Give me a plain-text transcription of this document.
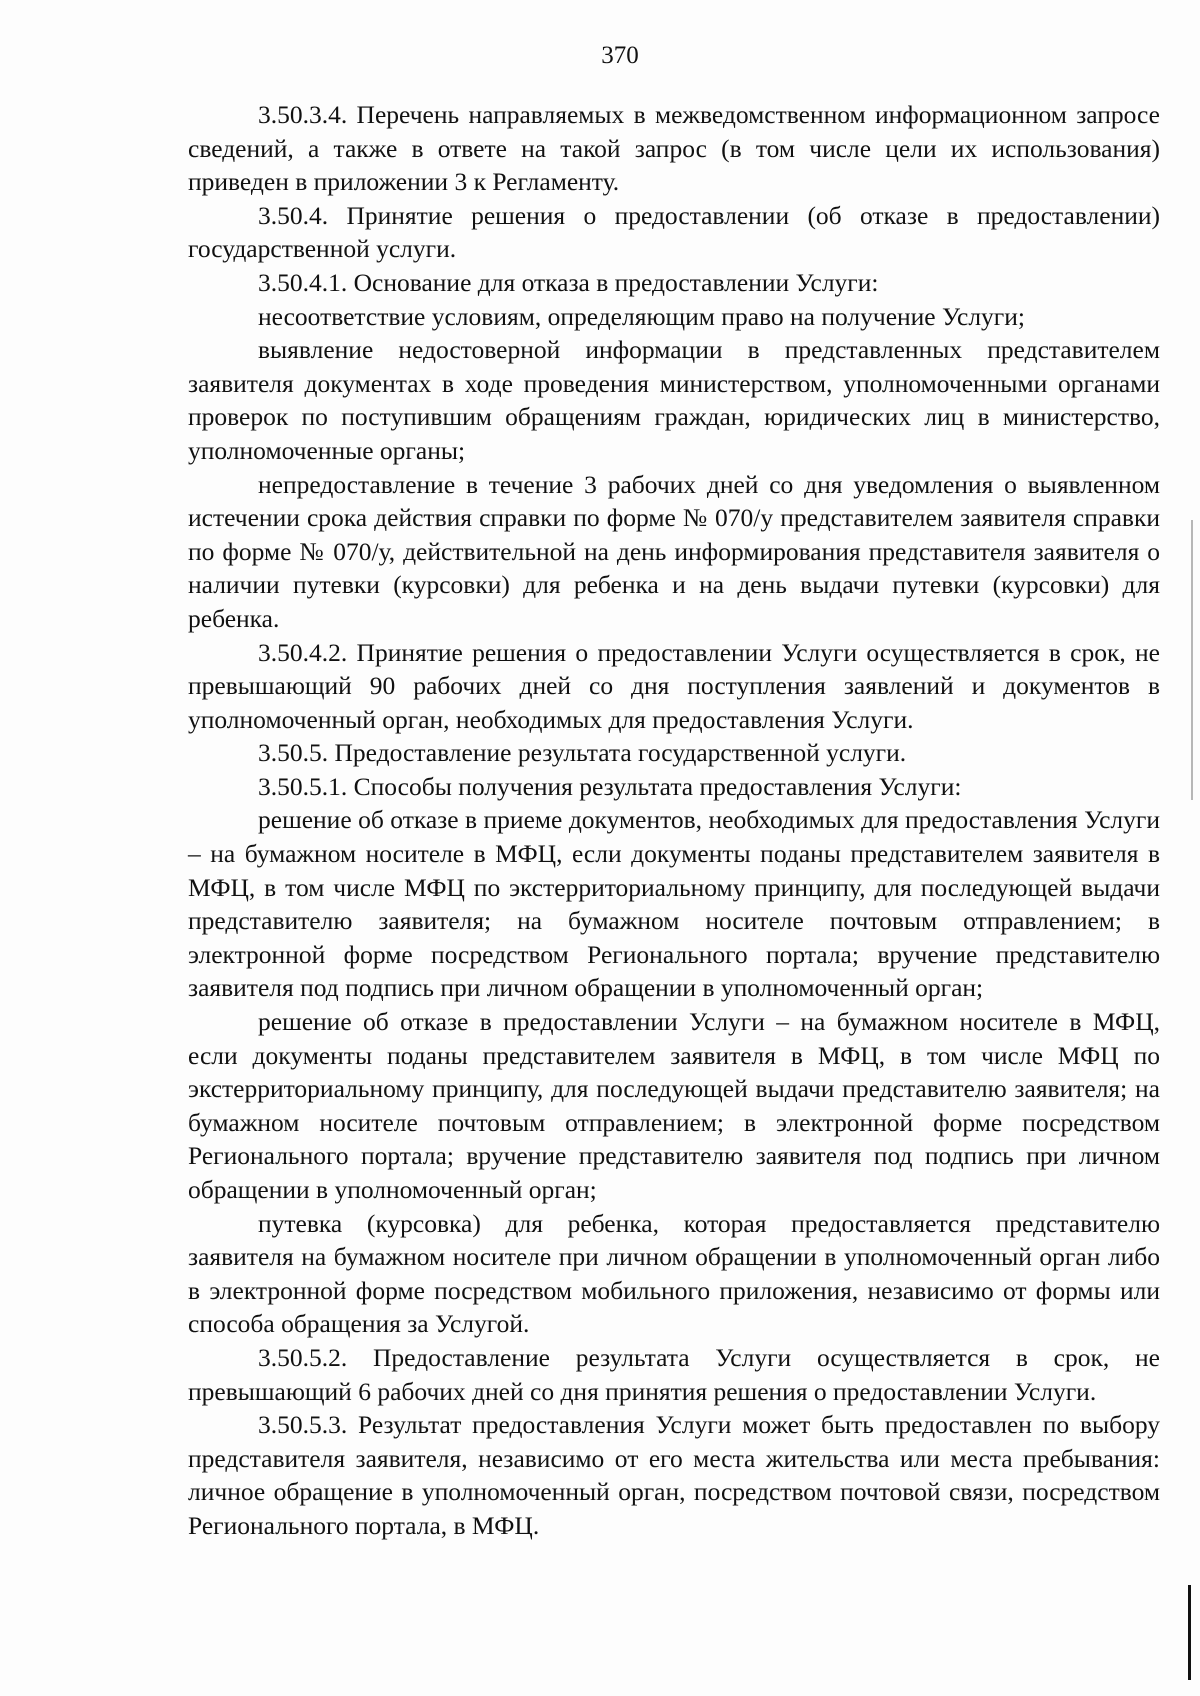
370

3.50.3.4. Перечень направляемых в межведомственном информационном запросе сведений, а также в ответе на такой запрос (в том числе цели их использования) приведен в приложении 3 к Регламенту.

3.50.4. Принятие решения о предоставлении (об отказе в предоставлении) государственной услуги.

3.50.4.1. Основание для отказа в предоставлении Услуги:

несоответствие условиям, определяющим право на получение Услуги;

выявление недостоверной информации в представленных представителем заявителя документах в ходе проведения министерством, уполномоченными органами проверок по поступившим обращениям граждан, юридических лиц в министерство, уполномоченные органы;

непредоставление в течение 3 рабочих дней со дня уведомления о выявленном истечении срока действия справки по форме № 070/у представителем заявителя справки по форме № 070/у, действительной на день информирования представителя заявителя о наличии путевки (курсовки) для ребенка и на день выдачи путевки (курсовки) для ребенка.

3.50.4.2. Принятие решения о предоставлении Услуги осуществляется в срок, не превышающий 90 рабочих дней со дня поступления заявлений и документов в уполномоченный орган, необходимых для предоставления Услуги.

3.50.5. Предоставление результата государственной услуги.

3.50.5.1. Способы получения результата предоставления Услуги:

решение об отказе в приеме документов, необходимых для предоставления Услуги – на бумажном носителе в МФЦ, если документы поданы представителем заявителя в МФЦ, в том числе МФЦ по экстерриториальному принципу, для последующей выдачи представителю заявителя; на бумажном носителе почтовым отправлением; в электронной форме посредством Регионального портала; вручение представителю заявителя под подпись при личном обращении в уполномоченный орган;

решение об отказе в предоставлении Услуги – на бумажном носителе в МФЦ, если документы поданы представителем заявителя в МФЦ, в том числе МФЦ по экстерриториальному принципу, для последующей выдачи представителю заявителя; на бумажном носителе почтовым отправлением; в электронной форме посредством Регионального портала; вручение представителю заявителя под подпись при личном обращении в уполномоченный орган;

путевка (курсовка) для ребенка, которая предоставляется представителю заявителя на бумажном носителе при личном обращении в уполномоченный орган либо в электронной форме посредством мобильного приложения, независимо от формы или способа обращения за Услугой.

3.50.5.2. Предоставление результата Услуги осуществляется в срок, не превышающий 6 рабочих дней со дня принятия решения о предоставлении Услуги.

3.50.5.3. Результат предоставления Услуги может быть предоставлен по выбору представителя заявителя, независимо от его места жительства или места пребывания: личное обращение в уполномоченный орган, посредством почтовой связи, посредством Регионального портала, в МФЦ.
